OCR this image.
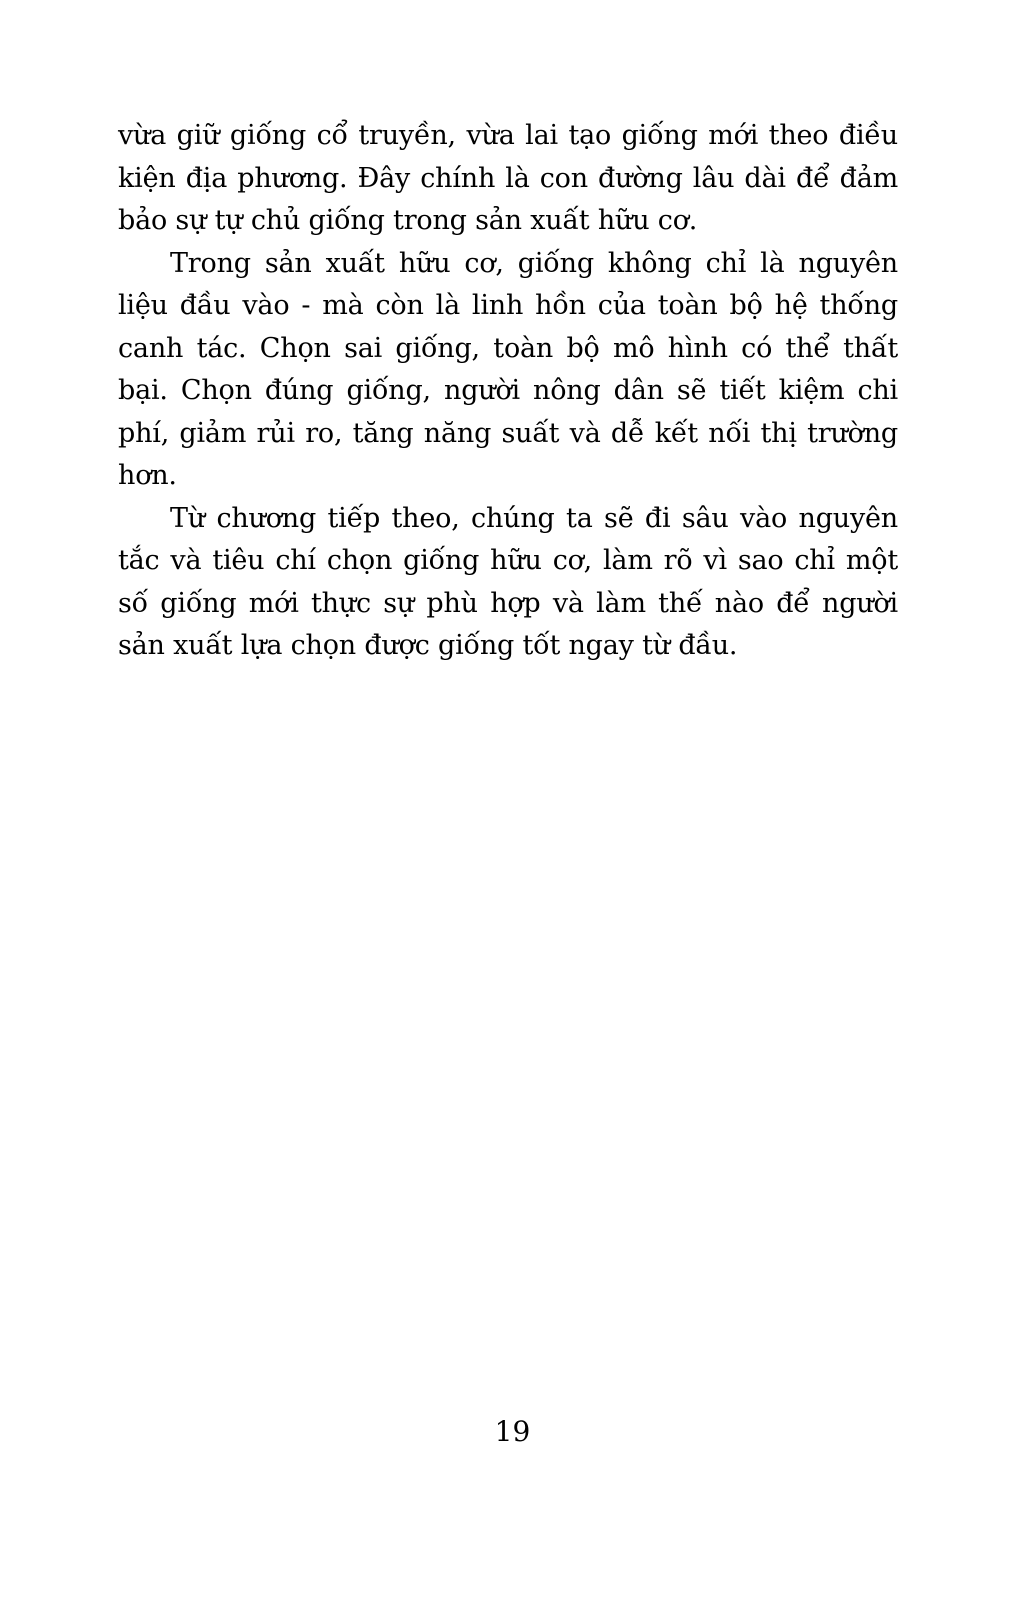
vừa giữ giống cổ truyền, vừa lai tạo giống mới theo điều kiện địa phương. Đây chính là con đường lâu dài để đảm bảo sự tự chủ giống trong sản xuất hữu cơ.

Trong sản xuất hữu cơ, giống không chỉ là nguyên liệu đầu vào - mà còn là linh hồn của toàn bộ hệ thống canh tác. Chọn sai giống, toàn bộ mô hình có thể thất bại. Chọn đúng giống, người nông dân sẽ tiết kiệm chi phí, giảm rủi ro, tăng năng suất và dễ kết nối thị trường hơn.

Từ chương tiếp theo, chúng ta sẽ đi sâu vào nguyên tắc và tiêu chí chọn giống hữu cơ, làm rõ vì sao chỉ một số giống mới thực sự phù hợp và làm thế nào để người sản xuất lựa chọn được giống tốt ngay từ đầu.

19
